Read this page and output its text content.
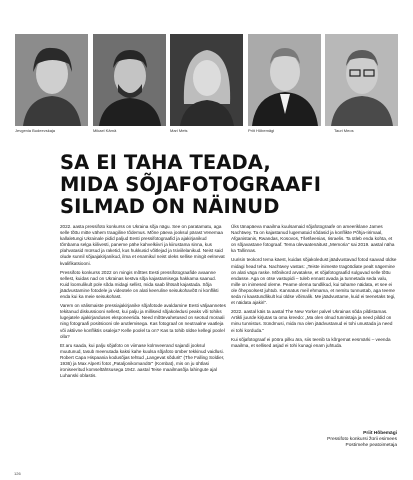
Jevgenia Budeevskaja	Mikael Kärnä	Mari Mets	Priit Hõbemägi	Tauri Meos
SA EI TAHA TEADA,
MIDA SÕJAFOTOGRAAFI
SILMAD ON NÄINUD

2022. aasta pressifoto konkurss on Ukraina sõja nägu. See on paratamatu, aga selle tõttu mitte vähem traagiline tõdemus. Mõne päeva jooksul pärast Venemaa kallaletungi Ukrainale pidid paljud Eesti pressifotograafid ja ajakirjanikud tõmbama selga kiilivesti, paneme pähe kahvelkiivri ja kiirustama sinna, kus plahvatasid mürsud ja raketid, kus hukkusid võitlejad ja tsiviilelanikud. Neist said olude sunnil sõjaajakirjanikud, ilma et enamikul neist oleks sellise mingit eelnevat kvalifikatsiooni.

Pressifoto konkurss 2022 on mingis mõttes Eesti pressifotograafide avaanne sellest, kuidas nad on Ukrainas kestva sõja kajastamisega hakkama saanud. Kuid loomulikult pole sõda midagi sellist, mida saab lihtsalt kajastada. Sõja jäädvustamine fotodele ja videotele on alati keeruline seisukohavõtt ni konflikti enda kui ka meie seisukohast.

Varem on välismaiste pressiajakirjanike sõjafotode avaldamine Eesti väljaannetes tekitanud diskussiooni sellest, kui palju ja milliseid sõjakoledusi peaks või tohiks lugejatele ajakirjanduses eksponeerida. Need mõttevahetused on seotud moraali ning fotograafi positsiooni üle arutlemisega. Kas fotograaf on neutraalne vaatleja või aktiivne konfliktis osaleja? Kelle poolel ta on? Kas ta tohib üldse kellegi poolel olla?

Et aru saada, kui palju sõjafoto on viimase kolmveerand sajandi jooksul muutunud, tasub meenutada kaksi kahe kuulsa sõjafoto ümber tekkinud vaidlusi. Robert Capa Hispaania kodusõjas tehtud „Langevat sõdurit" (The Falling Soldier, 1936) ja Max Alperti fotot „Pataljonikomandör" (Kombat), mis on ju ühtlasi ironiseeritud komseltähtsusega 1942. aastal Teise maailmasõja lahingute ajal Luhanski oblastis.

Üks tänapäeva maailma kuulsamaid sõjafotograafe on ameeriklane James Nachtwey. Ta on kajastanud lugematuid sõdasid ja konflikte Põhja-Iirimaal, Afganistanis, Rwandas, Kosovos, Tšetšeenias, Iisraelis. Ta ütleb enda kohta, et on sõjavastane fotograaf. Tema ülevaatenäitust „Memoria" sai 2019. aastal näha ka Tallinnas.

Uurisin teokord tema käest, kuidas sõjakoledust jäädvustavad fotod saavad üldse midagi head teha. Nachtwey vastas: „Teiste inimeste tragöödiate pealt nägemine on alati väga raske. Mõnikord arvatakse, et sõjafotograafid sulguvad selle tõttu endasse. Aga on otse vastupidi – tuleb ennast avada ja tunnetada seda valu, mille on inimesed oleme. Peame olema tundlikud, kui tahame näidata, et see ei ole õhepoolsest juhtub. Kannatus meil ehmama, et nemitu tunnustab, aga teeme seda ni kaastundlikult kui üldse võimalik. Me jäädvustame, kuid ei teenetaks tegi, et näidata ajakiri".

2022. aastal käis ta aastal The New Yorker palvel Ukrainas sõda pildistamas. Artikli juurde kirjutas ta oma kreedo: „Ma olen olnud tunnistaja ja need pildid on minu tunnistus. Sündmusi, mida ma olen jäädvustanud ei tohi unustada ja need ei tohi korduda."

Kui sõjafotograaf ei pööra pilku ära, siis teenib ta kõrgemat eesmärki – veenda maailma, et sellised asjad ei tohi kunagi enam juhtuda.

Priit Hõbemägi
Pressifoto konkursi žürii esimees
Postimehe peatoimetaja
126
